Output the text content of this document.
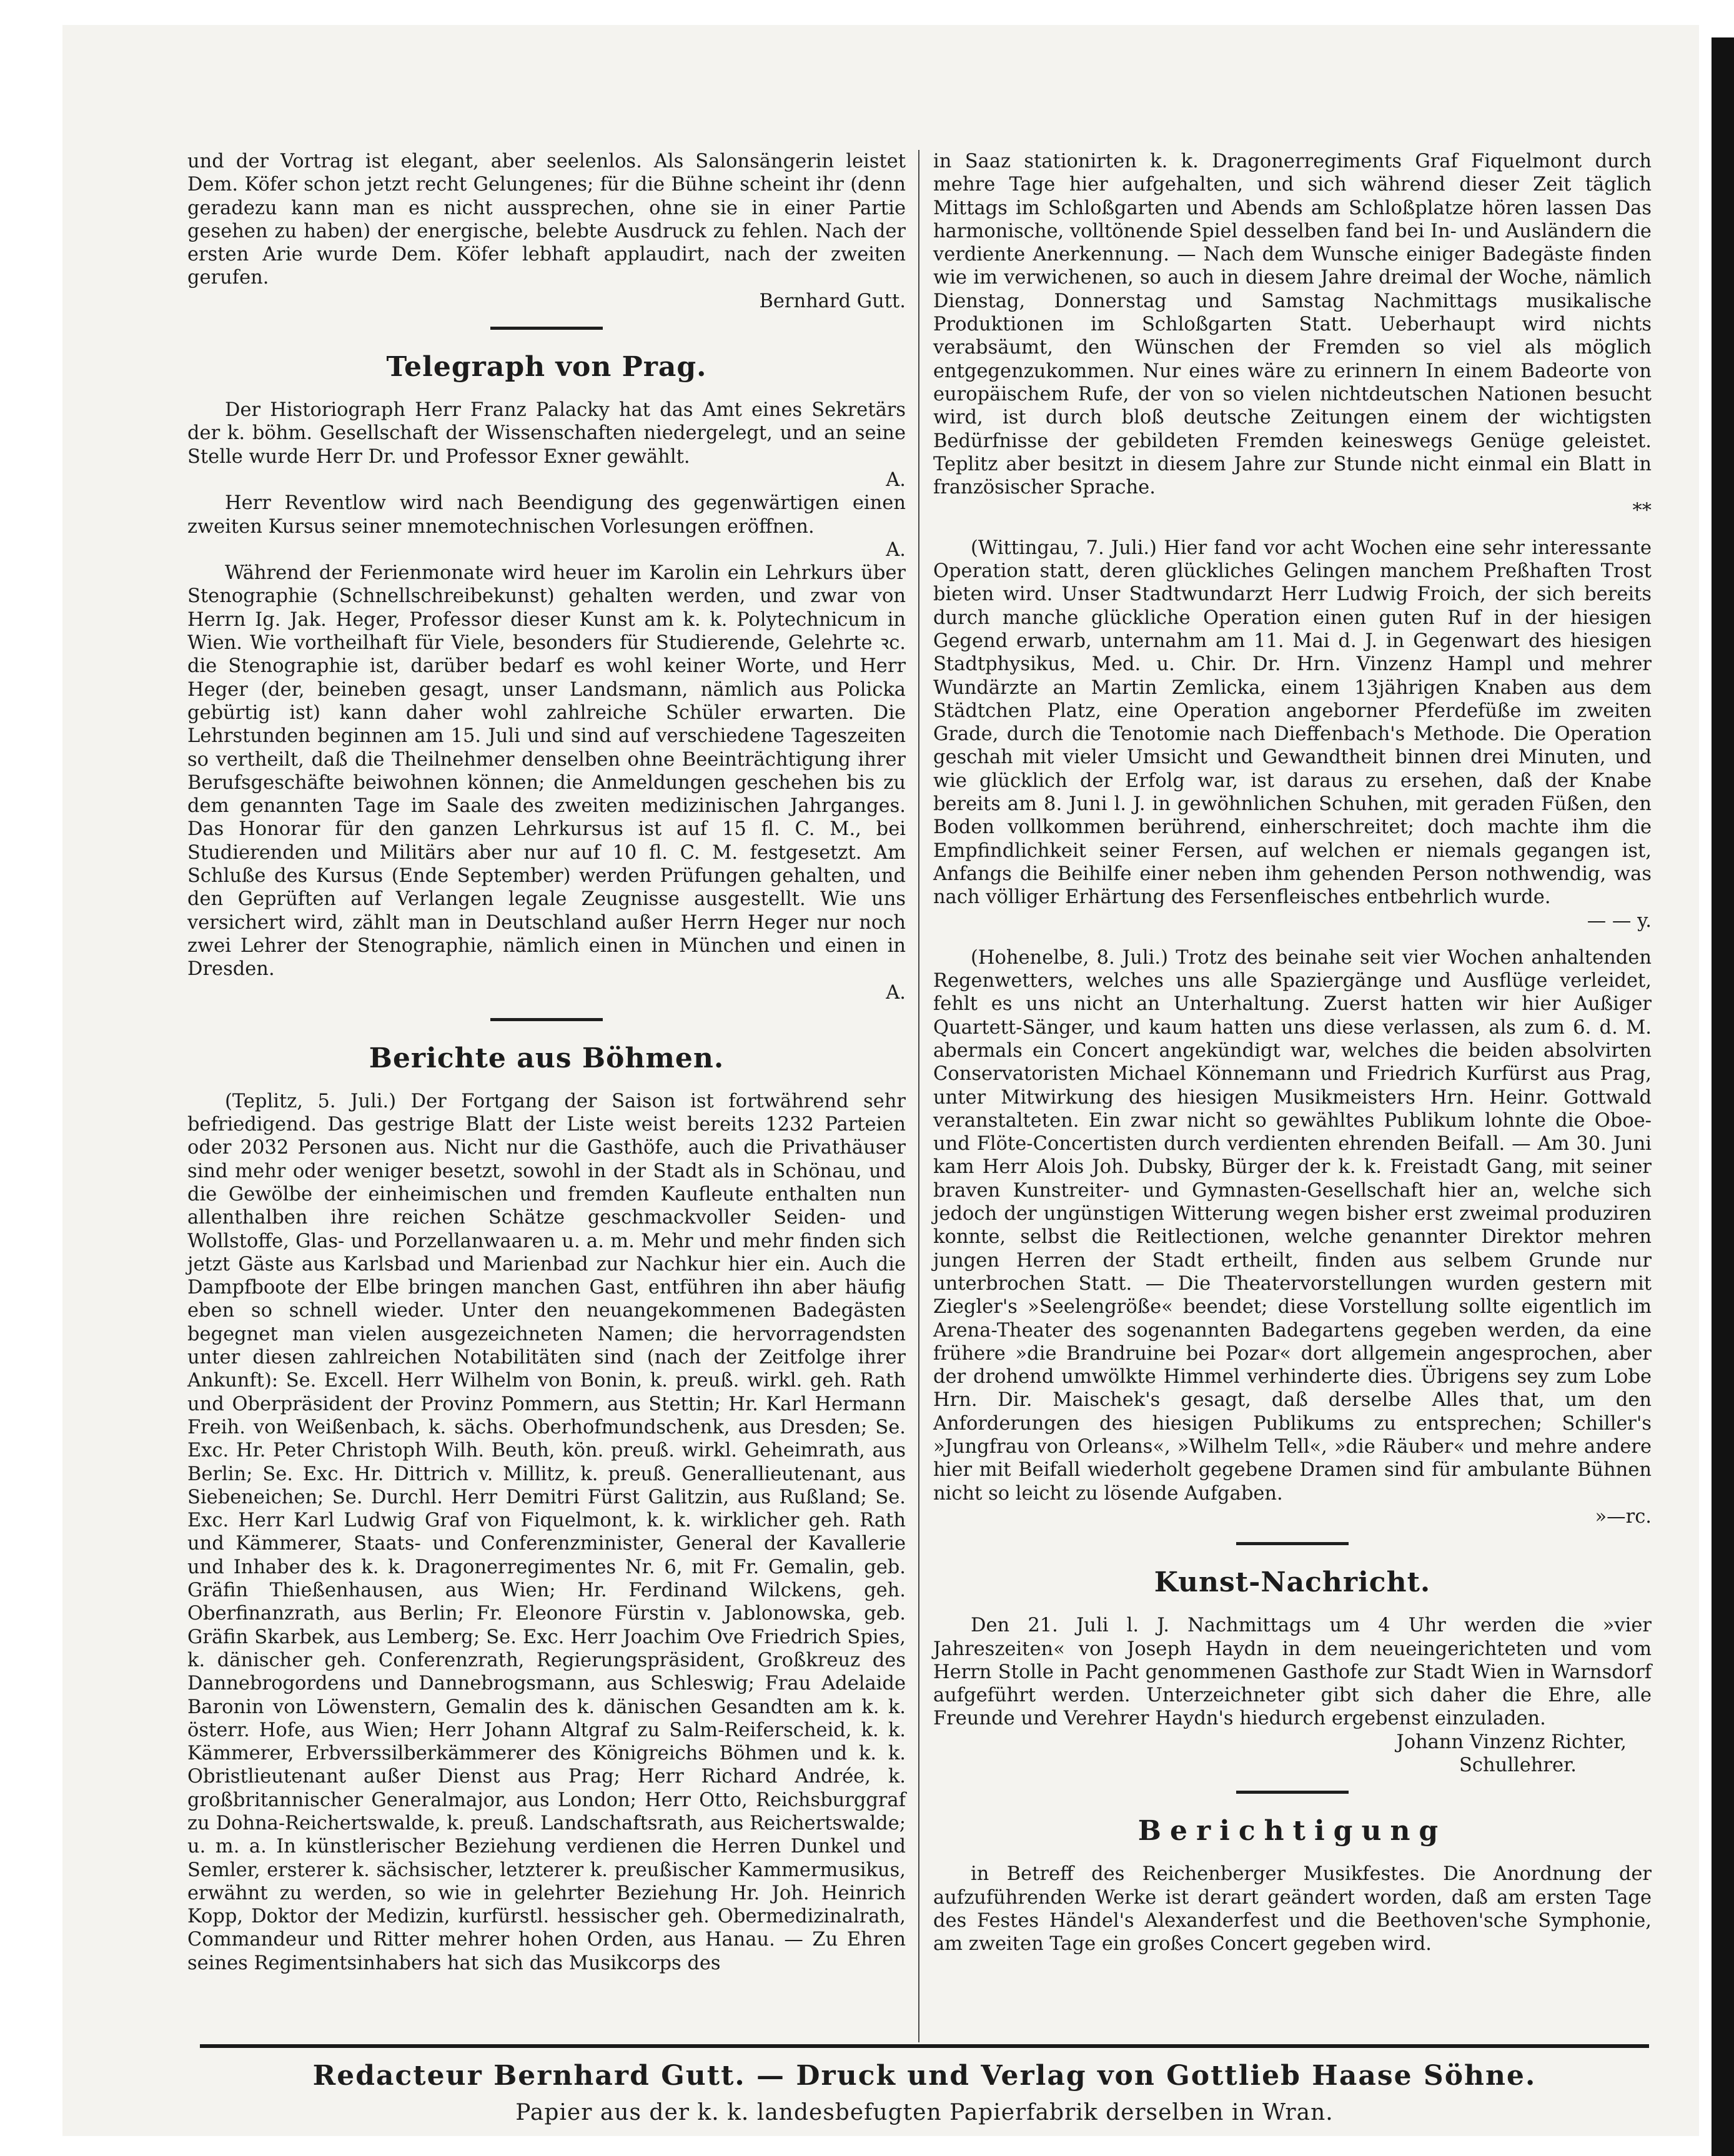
und der Vortrag ist elegant, aber seelenlos. Als Salonsängerin leistet Dem. Köfer schon jetzt recht Gelungenes; für die Bühne scheint ihr (denn geradezu kann man es nicht aussprechen, ohne sie in einer Partie gesehen zu haben) der energische, belebte Ausdruck zu fehlen. Nach der ersten Arie wurde Dem. Köfer lebhaft applaudirt, nach der zweiten gerufen.

Bernhard Gutt.

Telegraph von Prag.

Der Historiograph Herr Franz Palacky hat das Amt eines Sekretärs der k. böhm. Gesellschaft der Wissenschaften niedergelegt, und an seine Stelle wurde Herr Dr. und Professor Exner gewählt.

A.

Herr Reventlow wird nach Beendigung des gegenwärtigen einen zweiten Kursus seiner mnemotechnischen Vorlesungen eröffnen.

A.

Während der Ferienmonate wird heuer im Karolin ein Lehrkurs über Stenographie (Schnellschreibekunst) gehalten werden, und zwar von Herrn Ig. Jak. Heger, Professor dieser Kunst am k. k. Polytechnicum in Wien. Wie vortheilhaft für Viele, besonders für Studierende, Gelehrte ꝛc. die Stenographie ist, darüber bedarf es wohl keiner Worte, und Herr Heger (der, beineben gesagt, unser Landsmann, nämlich aus Policka gebürtig ist) kann daher wohl zahlreiche Schüler erwarten. Die Lehrstunden beginnen am 15. Juli und sind auf verschiedene Tageszeiten so vertheilt, daß die Theilnehmer denselben ohne Beeinträchtigung ihrer Berufsgeschäfte beiwohnen können; die Anmeldungen geschehen bis zu dem genannten Tage im Saale des zweiten medizinischen Jahrganges. Das Honorar für den ganzen Lehrkursus ist auf 15 fl. C. M., bei Studierenden und Militärs aber nur auf 10 fl. C. M. festgesetzt. Am Schluße des Kursus (Ende September) werden Prüfungen gehalten, und den Geprüften auf Verlangen legale Zeugnisse ausgestellt. Wie uns versichert wird, zählt man in Deutschland außer Herrn Heger nur noch zwei Lehrer der Stenographie, nämlich einen in München und einen in Dresden.

A.

Berichte aus Böhmen.

(Teplitz, 5. Juli.) Der Fortgang der Saison ist fortwährend sehr befriedigend. Das gestrige Blatt der Liste weist bereits 1232 Parteien oder 2032 Personen aus. Nicht nur die Gasthöfe, auch die Privathäuser sind mehr oder weniger besetzt, sowohl in der Stadt als in Schönau, und die Gewölbe der einheimischen und fremden Kaufleute enthalten nun allenthalben ihre reichen Schätze geschmackvoller Seiden- und Wollstoffe, Glas- und Porzellanwaaren u. a. m. Mehr und mehr finden sich jetzt Gäste aus Karlsbad und Marienbad zur Nachkur hier ein. Auch die Dampfboote der Elbe bringen manchen Gast, entführen ihn aber häufig eben so schnell wieder. Unter den neuangekommenen Badegästen begegnet man vielen ausgezeichneten Namen; die hervorragendsten unter diesen zahlreichen Notabilitäten sind (nach der Zeitfolge ihrer Ankunft): Se. Excell. Herr Wilhelm von Bonin, k. preuß. wirkl. geh. Rath und Oberpräsident der Provinz Pommern, aus Stettin; Hr. Karl Hermann Freih. von Weißenbach, k. sächs. Oberhofmundschenk, aus Dresden; Se. Exc. Hr. Peter Christoph Wilh. Beuth, kön. preuß. wirkl. Geheimrath, aus Berlin; Se. Exc. Hr. Dittrich v. Millitz, k. preuß. Generallieutenant, aus Siebeneichen; Se. Durchl. Herr Demitri Fürst Galitzin, aus Rußland; Se. Exc. Herr Karl Ludwig Graf von Fiquelmont, k. k. wirklicher geh. Rath und Kämmerer, Staats- und Conferenzminister, General der Kavallerie und Inhaber des k. k. Dragonerregimentes Nr. 6, mit Fr. Gemalin, geb. Gräfin Thießenhausen, aus Wien; Hr. Ferdinand Wilckens, geh. Oberfinanzrath, aus Berlin; Fr. Eleonore Fürstin v. Jablonowska, geb. Gräfin Skarbek, aus Lemberg; Se. Exc. Herr Joachim Ove Friedrich Spies, k. dänischer geh. Conferenzrath, Regierungspräsident, Großkreuz des Dannebrogordens und Dannebrogsmann, aus Schleswig; Frau Adelaide Baronin von Löwenstern, Gemalin des k. dänischen Gesandten am k. k. österr. Hofe, aus Wien; Herr Johann Altgraf zu Salm-Reiferscheid, k. k. Kämmerer, Erbverssilberkämmerer des Königreichs Böhmen und k. k. Obristlieutenant außer Dienst aus Prag; Herr Richard Andrée, k. großbritannischer Generalmajor, aus London; Herr Otto, Reichsburggraf zu Dohna-Reichertswalde, k. preuß. Landschaftsrath, aus Reichertswalde; u. m. a. In künstlerischer Beziehung verdienen die Herren Dunkel und Semler, ersterer k. sächsischer, letzterer k. preußischer Kammermusikus, erwähnt zu werden, so wie in gelehrter Beziehung Hr. Joh. Heinrich Kopp, Doktor der Medizin, kurfürstl. hessischer geh. Obermedizinalrath, Commandeur und Ritter mehrer hohen Orden, aus Hanau. — Zu Ehren seines Regimentsinhabers hat sich das Musikcorps des

in Saaz stationirten k. k. Dragonerregiments Graf Fiquelmont durch mehre Tage hier aufgehalten, und sich während dieser Zeit täglich Mittags im Schloßgarten und Abends am Schloßplatze hören lassen Das harmonische, volltönende Spiel desselben fand bei In- und Ausländern die verdiente Anerkennung. — Nach dem Wunsche einiger Badegäste finden wie im verwichenen, so auch in diesem Jahre dreimal der Woche, nämlich Dienstag, Donnerstag und Samstag Nachmittags musikalische Produktionen im Schloßgarten Statt. Ueberhaupt wird nichts verabsäumt, den Wünschen der Fremden so viel als möglich entgegenzukommen. Nur eines wäre zu erinnern In einem Badeorte von europäischem Rufe, der von so vielen nichtdeutschen Nationen besucht wird, ist durch bloß deutsche Zeitungen einem der wichtigsten Bedürfnisse der gebildeten Fremden keineswegs Genüge geleistet. Teplitz aber besitzt in diesem Jahre zur Stunde nicht einmal ein Blatt in französischer Sprache.

**

(Wittingau, 7. Juli.) Hier fand vor acht Wochen eine sehr interessante Operation statt, deren glückliches Gelingen manchem Preßhaften Trost bieten wird. Unser Stadtwundarzt Herr Ludwig Froich, der sich bereits durch manche glückliche Operation einen guten Ruf in der hiesigen Gegend erwarb, unternahm am 11. Mai d. J. in Gegenwart des hiesigen Stadtphysikus, Med. u. Chir. Dr. Hrn. Vinzenz Hampl und mehrer Wundärzte an Martin Zemlicka, einem 13jährigen Knaben aus dem Städtchen Platz, eine Operation angeborner Pferdefüße im zweiten Grade, durch die Tenotomie nach Dieffenbach's Methode. Die Operation geschah mit vieler Umsicht und Gewandtheit binnen drei Minuten, und wie glücklich der Erfolg war, ist daraus zu ersehen, daß der Knabe bereits am 8. Juni l. J. in gewöhnlichen Schuhen, mit geraden Füßen, den Boden vollkommen berührend, einherschreitet; doch machte ihm die Empfindlichkeit seiner Fersen, auf welchen er niemals gegangen ist, Anfangs die Beihilfe einer neben ihm gehenden Person nothwendig, was nach völliger Erhärtung des Fersenfleisches entbehrlich wurde.

— — y.

(Hohenelbe, 8. Juli.) Trotz des beinahe seit vier Wochen anhaltenden Regenwetters, welches uns alle Spaziergänge und Ausflüge verleidet, fehlt es uns nicht an Unterhaltung. Zuerst hatten wir hier Außiger Quartett-Sänger, und kaum hatten uns diese verlassen, als zum 6. d. M. abermals ein Concert angekündigt war, welches die beiden absolvirten Conservatoristen Michael Könnemann und Friedrich Kurfürst aus Prag, unter Mitwirkung des hiesigen Musikmeisters Hrn. Heinr. Gottwald veranstalteten. Ein zwar nicht so gewähltes Publikum lohnte die Oboe- und Flöte-Concertisten durch verdienten ehrenden Beifall. — Am 30. Juni kam Herr Alois Joh. Dubsky, Bürger der k. k. Freistadt Gang, mit seiner braven Kunstreiter- und Gymnasten-Gesellschaft hier an, welche sich jedoch der ungünstigen Witterung wegen bisher erst zweimal produziren konnte, selbst die Reitlectionen, welche genannter Direktor mehren jungen Herren der Stadt ertheilt, finden aus selbem Grunde nur unterbrochen Statt. — Die Theatervorstellungen wurden gestern mit Ziegler's »Seelengröße« beendet; diese Vorstellung sollte eigentlich im Arena-Theater des sogenannten Badegartens gegeben werden, da eine frühere »die Brandruine bei Pozar« dort allgemein angesprochen, aber der drohend umwölkte Himmel verhinderte dies. Übrigens sey zum Lobe Hrn. Dir. Maischek's gesagt, daß derselbe Alles that, um den Anforderungen des hiesigen Publikums zu entsprechen; Schiller's »Jungfrau von Orleans«, »Wilhelm Tell«, »die Räuber« und mehre andere hier mit Beifall wiederholt gegebene Dramen sind für ambulante Bühnen nicht so leicht zu lösende Aufgaben.

»—rc.

Kunst-Nachricht.

Den 21. Juli l. J. Nachmittags um 4 Uhr werden die »vier Jahreszeiten« von Joseph Haydn in dem neueingerichteten und vom Herrn Stolle in Pacht genommenen Gasthofe zur Stadt Wien in Warnsdorf aufgeführt werden. Unterzeichneter gibt sich daher die Ehre, alle Freunde und Verehrer Haydn's hiedurch ergebenst einzuladen.

Johann Vinzenz Richter,

Schullehrer.

Berichtigung

in Betreff des Reichenberger Musikfestes. Die Anordnung der aufzuführenden Werke ist derart geändert worden, daß am ersten Tage des Festes Händel's Alexanderfest und die Beethoven'sche Symphonie, am zweiten Tage ein großes Concert gegeben wird.

Redacteur Bernhard Gutt. — Druck und Verlag von Gottlieb Haase Söhne.
Papier aus der k. k. landesbefugten Papierfabrik derselben in Wran.
